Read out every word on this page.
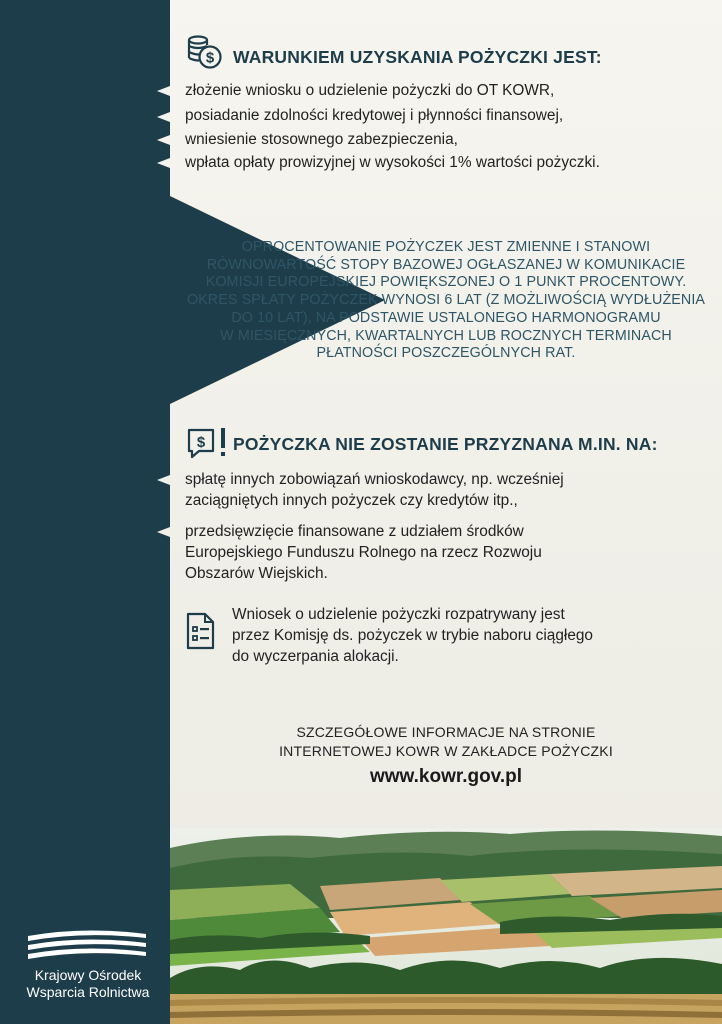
$ WARUNKIEM UZYSKANIA POŻYCZKI JEST:
złożenie wniosku o udzielenie pożyczki do OT KOWR,
posiadanie zdolności kredytowej i płynności finansowej,
wniesienie stosownego zabezpieczenia,
wpłata opłaty prowizyjnej w wysokości 1% wartości pożyczki.
OPROCENTOWANIE POŻYCZEK JEST ZMIENNE I STANOWI
RÓWNOWARTOŚĆ STOPY BAZOWEJ OGŁASZANEJ W KOMUNIKACIE
KOMISJI EUROPEJSKIEJ POWIĘKSZONEJ O 1 PUNKT PROCENTOWY.
OKRES SPŁATY POŻYCZEK WYNOSI 6 LAT (Z MOŻLIWOŚCIĄ WYDŁUŻENIA
DO 10 LAT), NA PODSTAWIE USTALONEGO HARMONOGRAMU
W MIESIĘCZNYCH, KWARTALNYCH LUB ROCZNYCH TERMINACH
PŁATNOŚCI POSZCZEGÓLNYCH RAT.
$ POŻYCZKA NIE ZOSTANIE PRZYZNANA M.IN. NA:
spłatę innych zobowiązań wnioskodawcy, np. wcześniej
zaciągniętych innych pożyczek czy kredytów itp.,
przedsięwzięcie finansowane z udziałem środków
Europejskiego Funduszu Rolnego na rzecz Rozwoju
Obszarów Wiejskich.
Wniosek o udzielenie pożyczki rozpatrywany jest
przez Komisję ds. pożyczek w trybie naboru ciągłego
do wyczerpania alokacji.
SZCZEGÓŁOWE INFORMACJE NA STRONIE
INTERNETOWEJ KOWR W ZAKŁADCE POŻYCZKI
www.kowr.gov.pl
Krajowy Ośrodek
Wsparcia Rolnictwa
